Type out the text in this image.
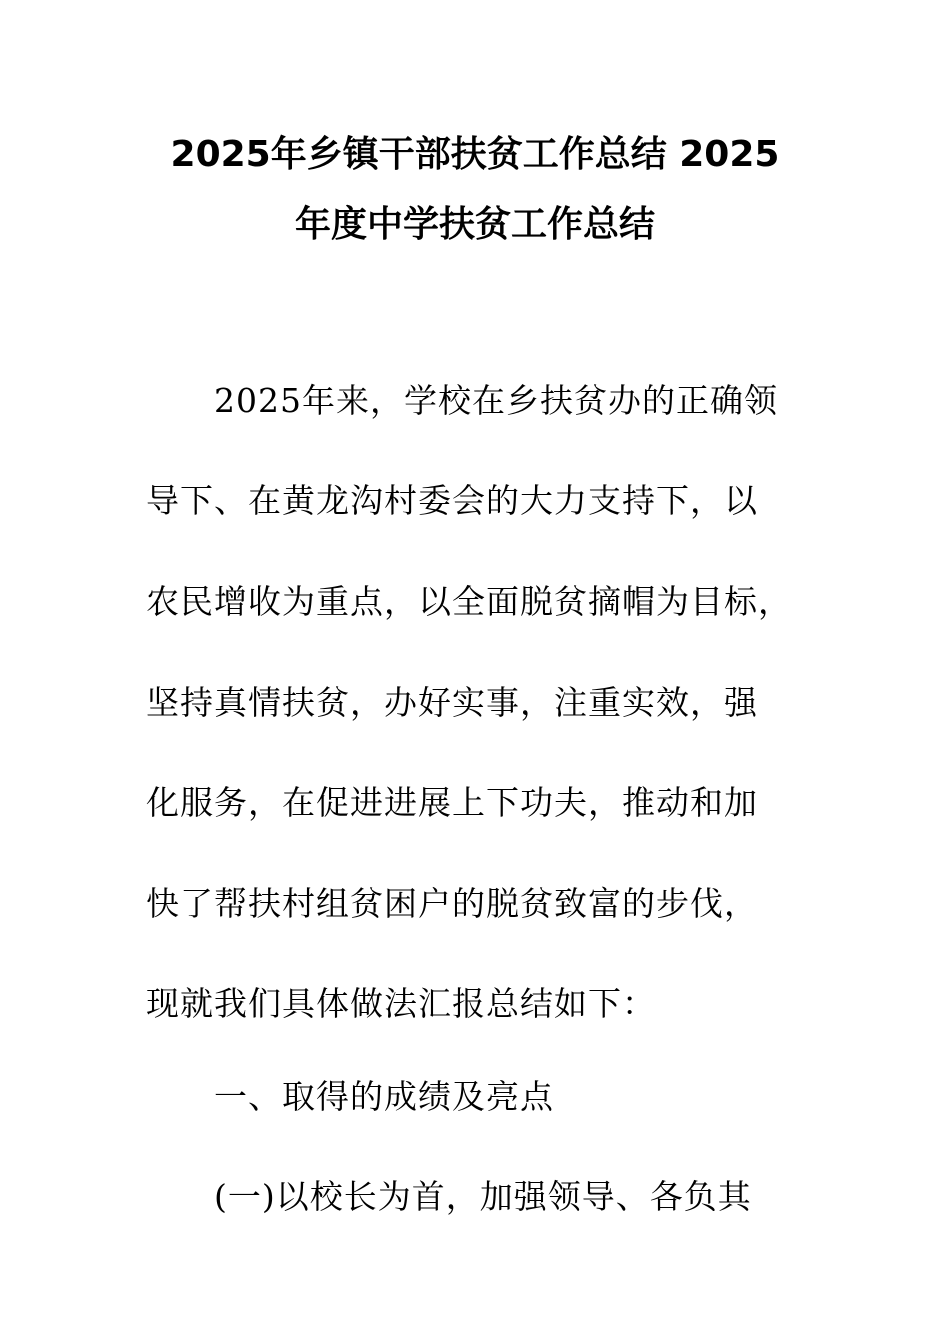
2025年乡镇干部扶贫工作总结 2025
年度中学扶贫工作总结
2025年来，学校在乡扶贫办的正确领
导下、在黄龙沟村委会的大力支持下，以
农民增收为重点，以全面脱贫摘帽为目标，
坚持真情扶贫，办好实事，注重实效，强
化服务，在促进进展上下功夫，推动和加
快了帮扶村组贫困户的脱贫致富的步伐，
现就我们具体做法汇报总结如下：
一、取得的成绩及亮点
(一)以校长为首，加强领导、各负其
